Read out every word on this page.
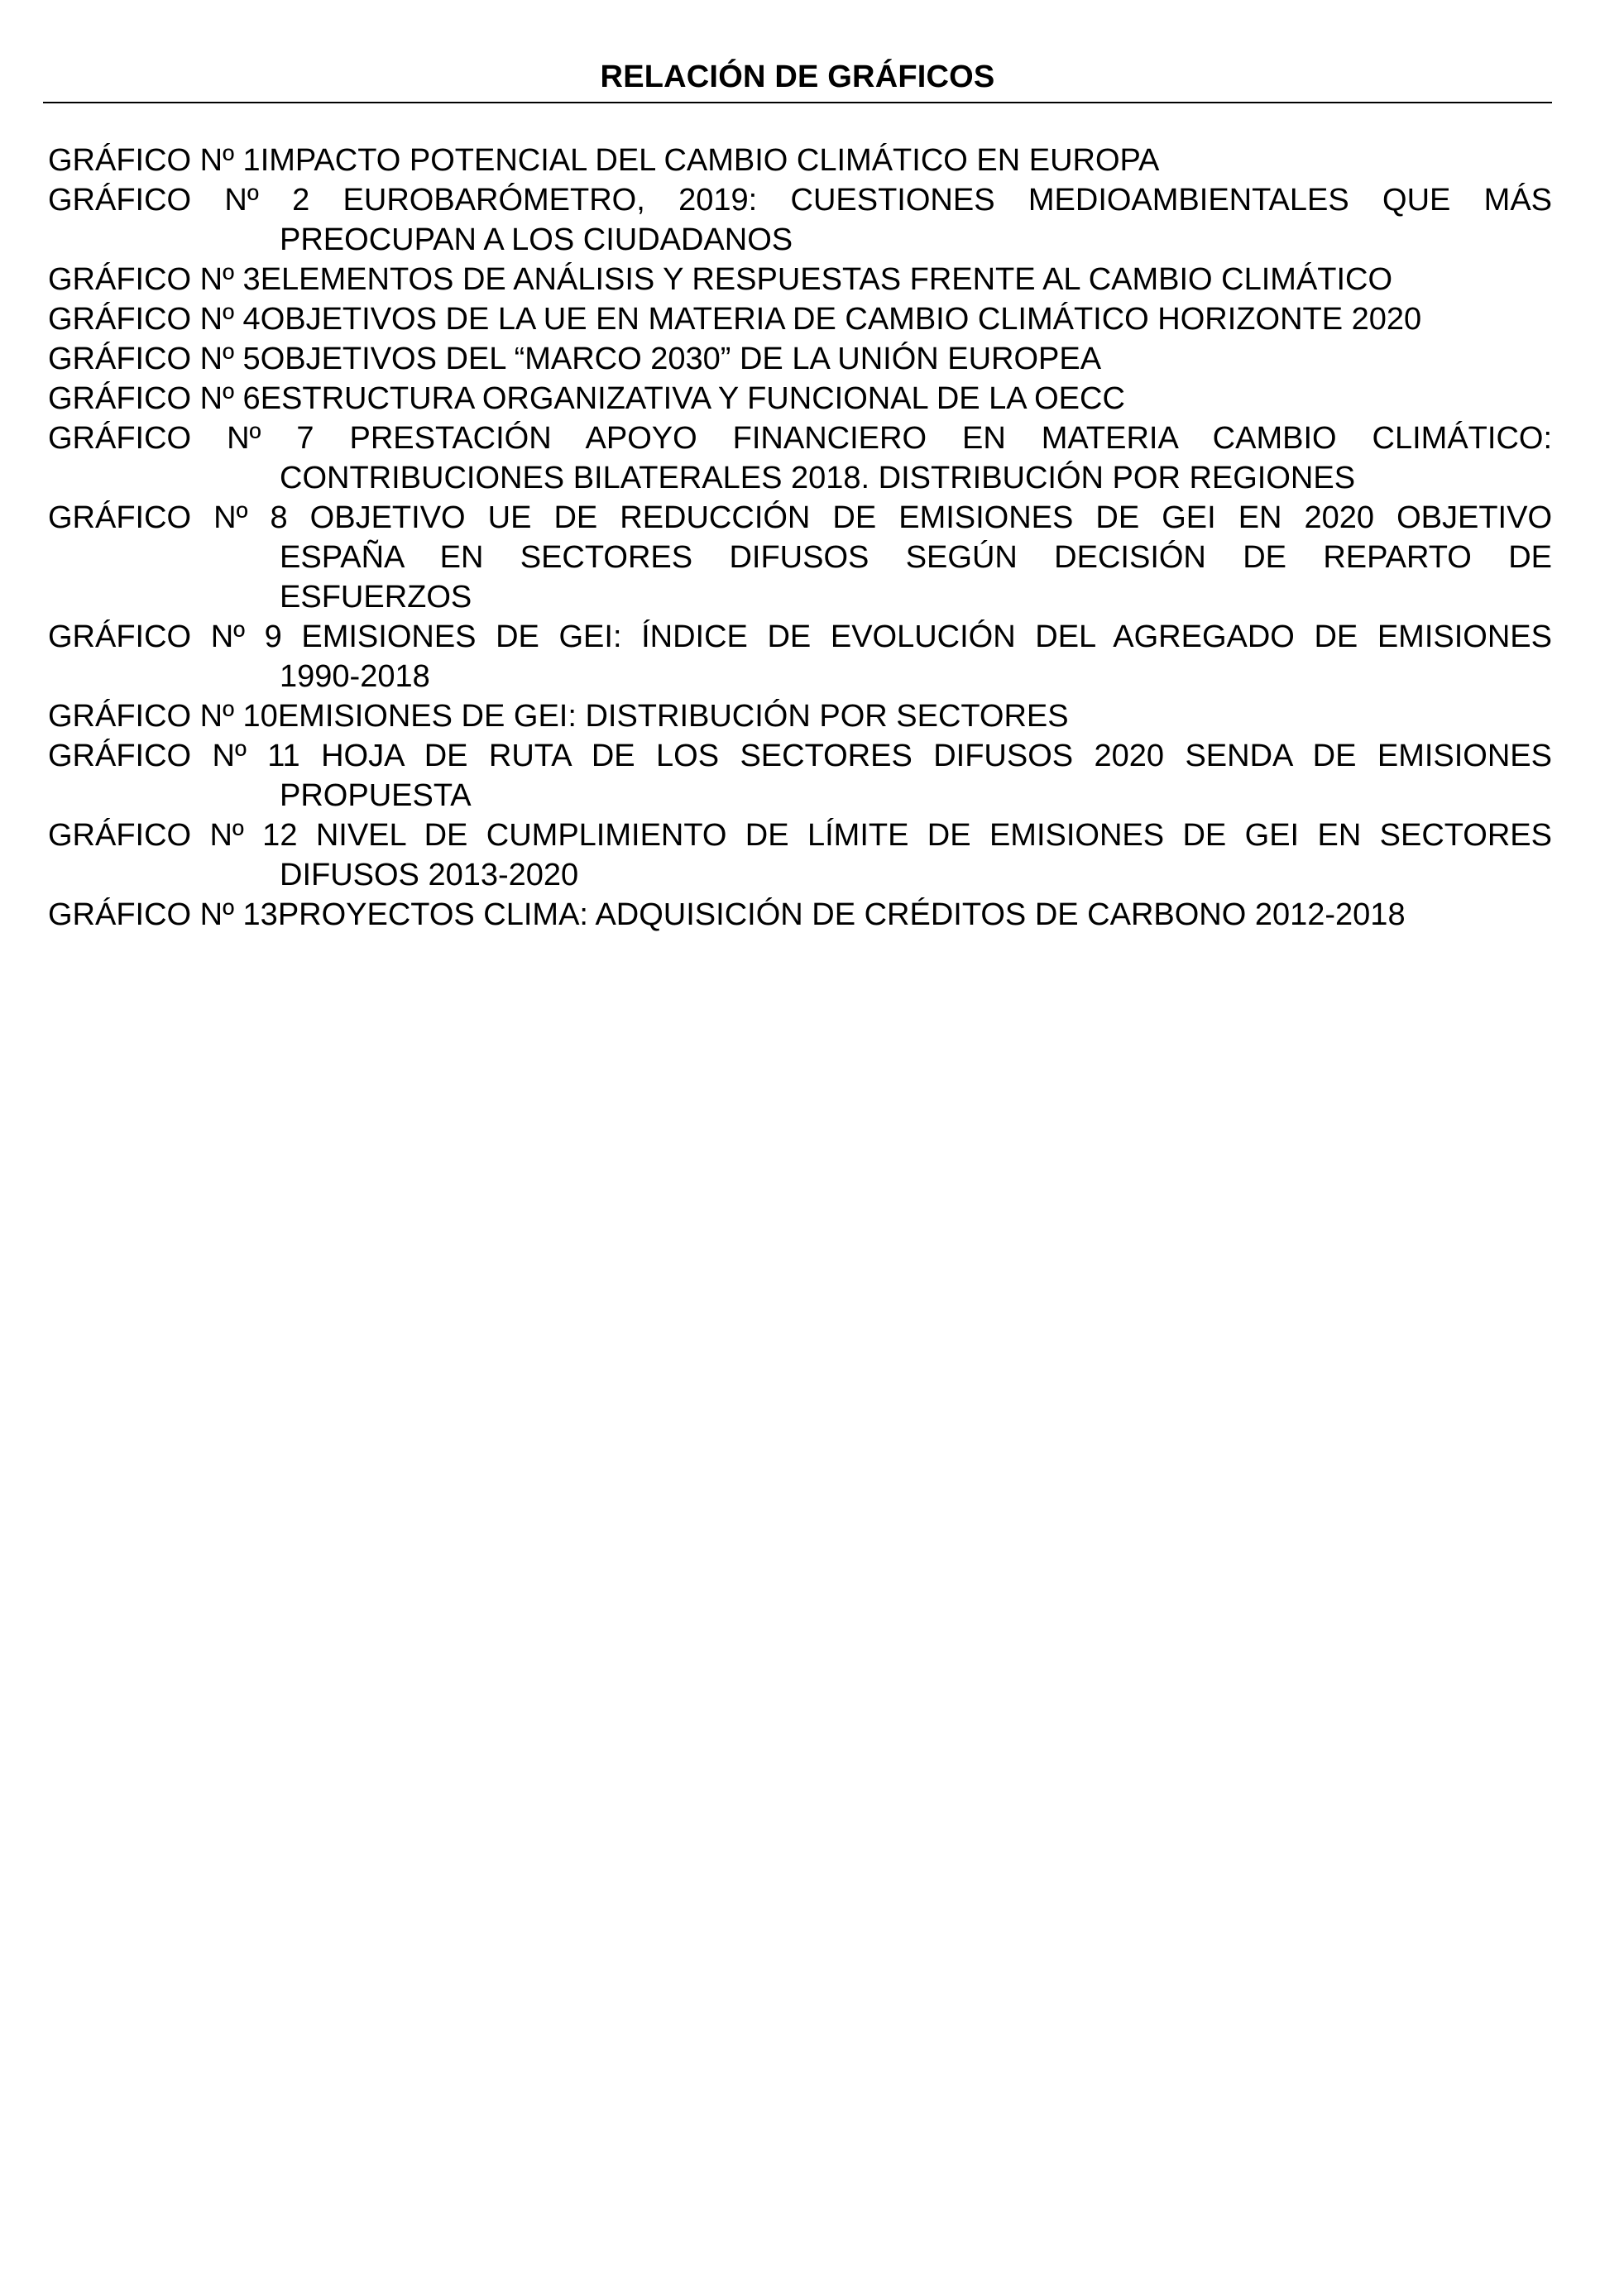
RELACIÓN DE GRÁFICOS
GRÁFICO Nº 1 IMPACTO POTENCIAL DEL CAMBIO CLIMÁTICO EN EUROPA
GRÁFICO Nº 2 EUROBARÓMETRO, 2019: CUESTIONES MEDIOAMBIENTALES QUE MÁS
PREOCUPAN A LOS CIUDADANOS
GRÁFICO Nº 3 ELEMENTOS DE ANÁLISIS Y RESPUESTAS FRENTE AL CAMBIO CLIMÁTICO
GRÁFICO Nº 4 OBJETIVOS DE LA UE EN MATERIA DE CAMBIO CLIMÁTICO HORIZONTE 2020
GRÁFICO Nº 5 OBJETIVOS DEL “MARCO 2030” DE LA UNIÓN EUROPEA
GRÁFICO Nº 6 ESTRUCTURA ORGANIZATIVA Y FUNCIONAL DE LA OECC
GRÁFICO Nº 7 PRESTACIÓN APOYO FINANCIERO EN MATERIA CAMBIO CLIMÁTICO:
CONTRIBUCIONES BILATERALES 2018. DISTRIBUCIÓN POR REGIONES
GRÁFICO Nº 8 OBJETIVO UE DE REDUCCIÓN DE EMISIONES DE GEI EN 2020 OBJETIVO
ESPAÑA EN SECTORES DIFUSOS SEGÚN DECISIÓN DE REPARTO DE
ESFUERZOS
GRÁFICO Nº 9 EMISIONES DE GEI: ÍNDICE DE EVOLUCIÓN DEL AGREGADO DE EMISIONES
1990-2018
GRÁFICO Nº 10 EMISIONES DE GEI: DISTRIBUCIÓN POR SECTORES
GRÁFICO Nº 11 HOJA DE RUTA DE LOS SECTORES DIFUSOS 2020 SENDA DE EMISIONES
PROPUESTA
GRÁFICO Nº 12 NIVEL DE CUMPLIMIENTO DE LÍMITE DE EMISIONES DE GEI EN SECTORES
DIFUSOS 2013-2020
GRÁFICO Nº 13 PROYECTOS CLIMA: ADQUISICIÓN DE CRÉDITOS DE CARBONO 2012-2018
